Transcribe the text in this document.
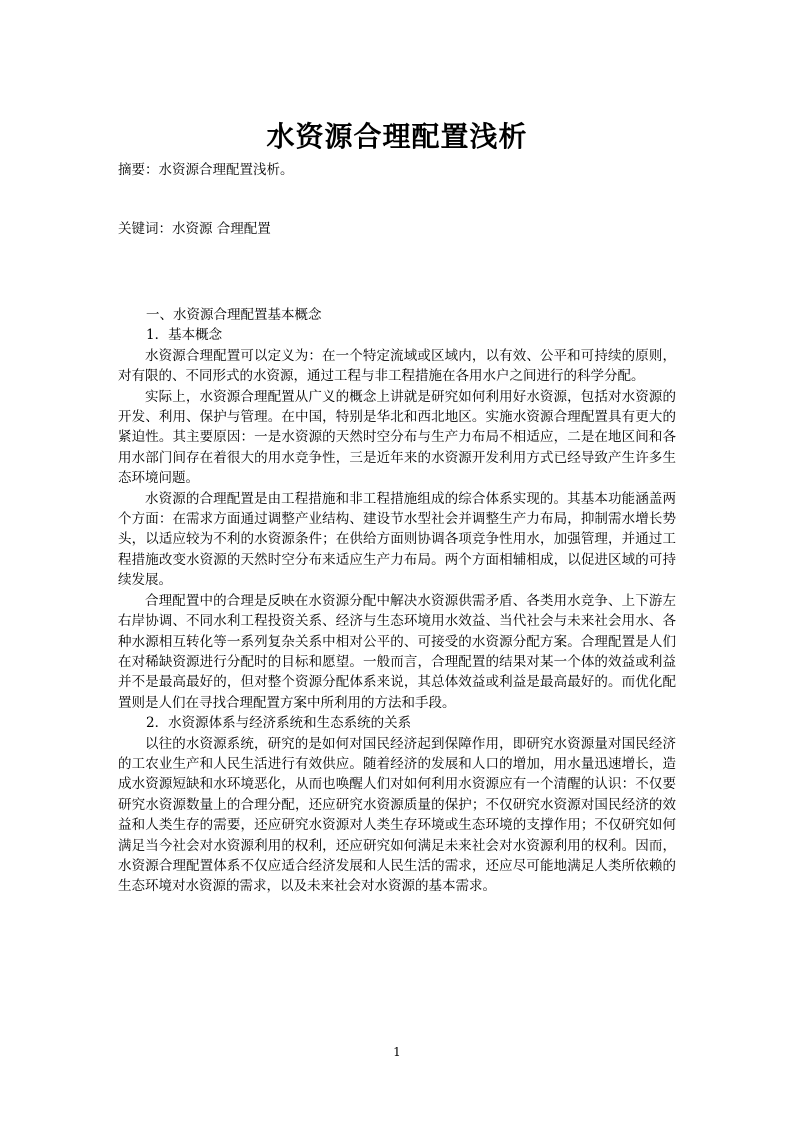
水资源合理配置浅析
摘要：水资源合理配置浅析。
关键词：水资源 合理配置

一、水资源合理配置基本概念

1．基本概念

水资源合理配置可以定义为：在一个特定流域或区域内，以有效、公平和可持续的原则，对有限的、不同形式的水资源，通过工程与非工程措施在各用水户之间进行的科学分配。

实际上，水资源合理配置从广义的概念上讲就是研究如何利用好水资源，包括对水资源的开发、利用、保护与管理。在中国，特别是华北和西北地区。实施水资源合理配置具有更大的紧迫性。其主要原因：一是水资源的天然时空分布与生产力布局不相适应，二是在地区间和各用水部门间存在着很大的用水竞争性，三是近年来的水资源开发利用方式已经导致产生许多生态环境问题。

水资源的合理配置是由工程措施和非工程措施组成的综合体系实现的。其基本功能涵盖两个方面：在需求方面通过调整产业结构、建设节水型社会并调整生产力布局，抑制需水增长势头，以适应较为不利的水资源条件；在供给方面则协调各项竞争性用水，加强管理，并通过工程措施改变水资源的天然时空分布来适应生产力布局。两个方面相辅相成，以促进区域的可持续发展。

合理配置中的合理是反映在水资源分配中解决水资源供需矛盾、各类用水竞争、上下游左右岸协调、不同水利工程投资关系、经济与生态环境用水效益、当代社会与未来社会用水、各种水源相互转化等一系列复杂关系中相对公平的、可接受的水资源分配方案。合理配置是人们在对稀缺资源进行分配时的目标和愿望。一般而言，合理配置的结果对某一个体的效益或利益并不是最高最好的，但对整个资源分配体系来说，其总体效益或利益是最高最好的。而优化配置则是人们在寻找合理配置方案中所利用的方法和手段。

2．水资源体系与经济系统和生态系统的关系

以往的水资源系统，研究的是如何对国民经济起到保障作用，即研究水资源量对国民经济的工农业生产和人民生活进行有效供应。随着经济的发展和人口的增加，用水量迅速增长，造成水资源短缺和水环境恶化，从而也唤醒人们对如何利用水资源应有一个清醒的认识：不仅要研究水资源数量上的合理分配，还应研究水资源质量的保护；不仅研究水资源对国民经济的效益和人类生存的需要，还应研究水资源对人类生存环境或生态环境的支撑作用；不仅研究如何满足当今社会对水资源利用的权利，还应研究如何满足未来社会对水资源利用的权利。因而，水资源合理配置体系不仅应适合经济发展和人民生活的需求，还应尽可能地满足人类所依赖的生态环境对水资源的需求，以及未来社会对水资源的基本需求。

1
